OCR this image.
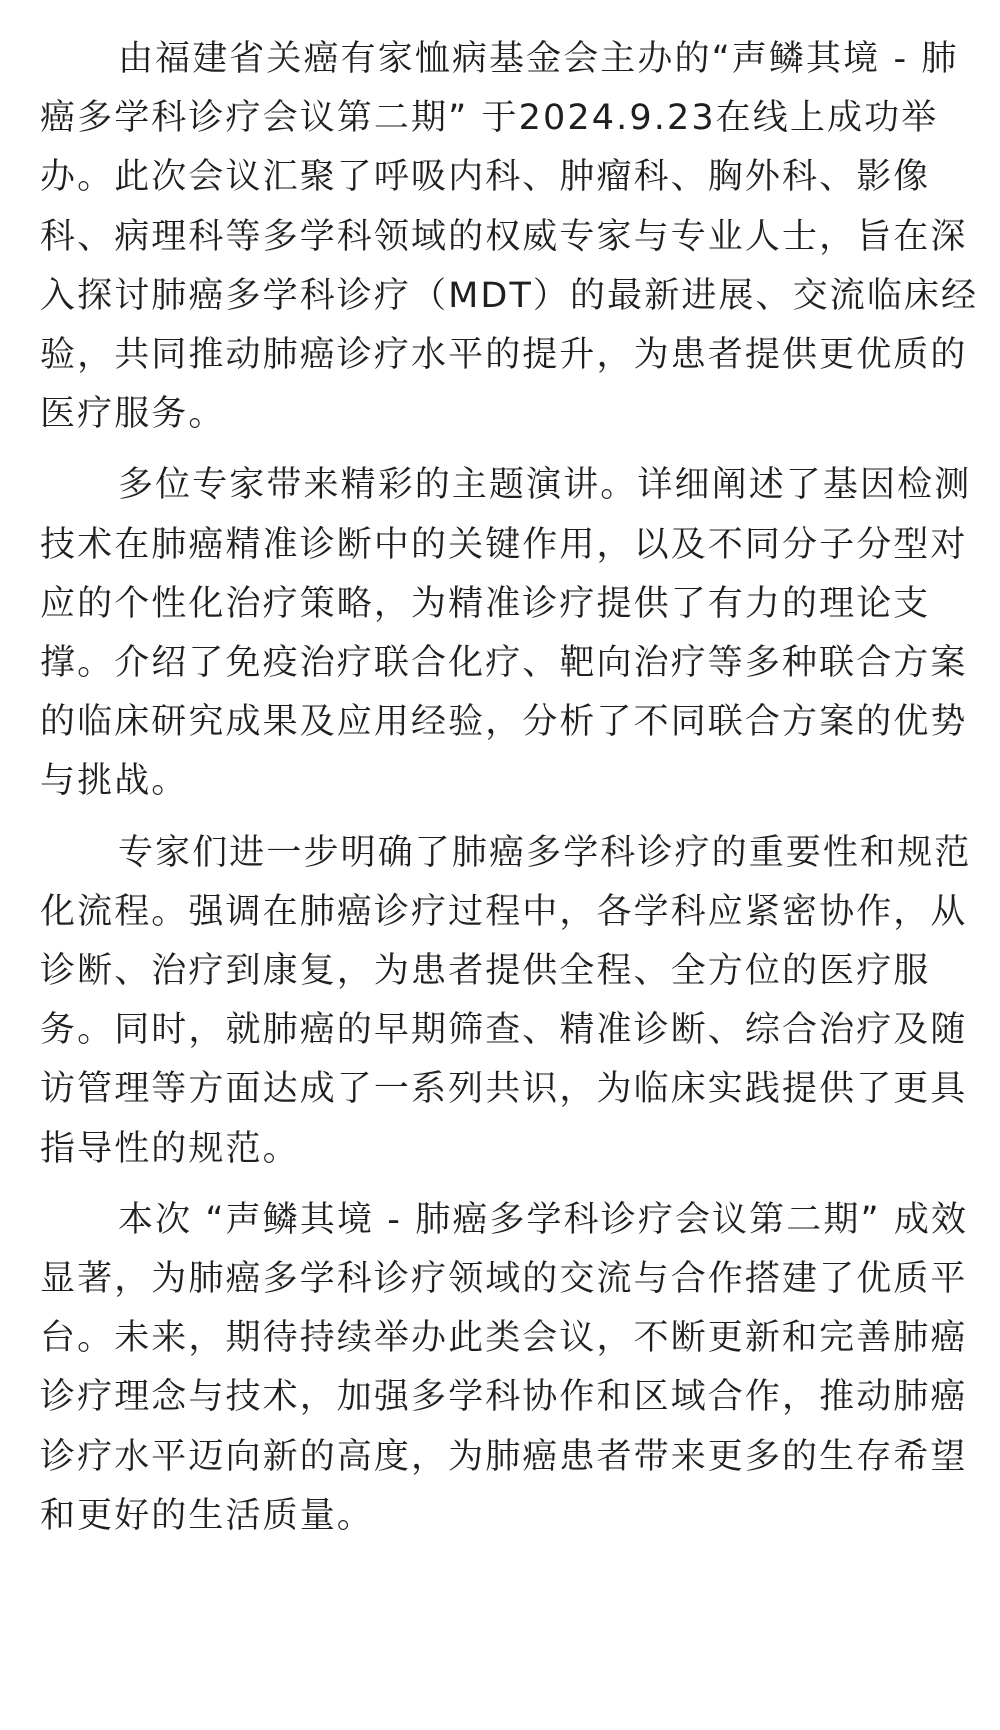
由福建省关癌有家恤病基金会主办的“声鳞其境 - 肺癌多学科诊疗会议第二期” 于2024.9.23在线上成功举办。此次会议汇聚了呼吸内科、肿瘤科、胸外科、影像科、病理科等多学科领域的权威专家与专业人士，旨在深入探讨肺癌多学科诊疗（MDT）的最新进展、交流临床经验，共同推动肺癌诊疗水平的提升，为患者提供更优质的医疗服务。

多位专家带来精彩的主题演讲。详细阐述了基因检测技术在肺癌精准诊断中的关键作用，以及不同分子分型对应的个性化治疗策略，为精准诊疗提供了有力的理论支撑。介绍了免疫治疗联合化疗、靶向治疗等多种联合方案的临床研究成果及应用经验，分析了不同联合方案的优势与挑战。

专家们进一步明确了肺癌多学科诊疗的重要性和规范化流程。强调在肺癌诊疗过程中，各学科应紧密协作，从诊断、治疗到康复，为患者提供全程、全方位的医疗服务。同时，就肺癌的早期筛查、精准诊断、综合治疗及随访管理等方面达成了一系列共识，为临床实践提供了更具指导性的规范。

本次 “声鳞其境 - 肺癌多学科诊疗会议第二期” 成效显著，为肺癌多学科诊疗领域的交流与合作搭建了优质平台。未来，期待持续举办此类会议，不断更新和完善肺癌诊疗理念与技术，加强多学科协作和区域合作，推动肺癌诊疗水平迈向新的高度，为肺癌患者带来更多的生存希望和更好的生活质量。
